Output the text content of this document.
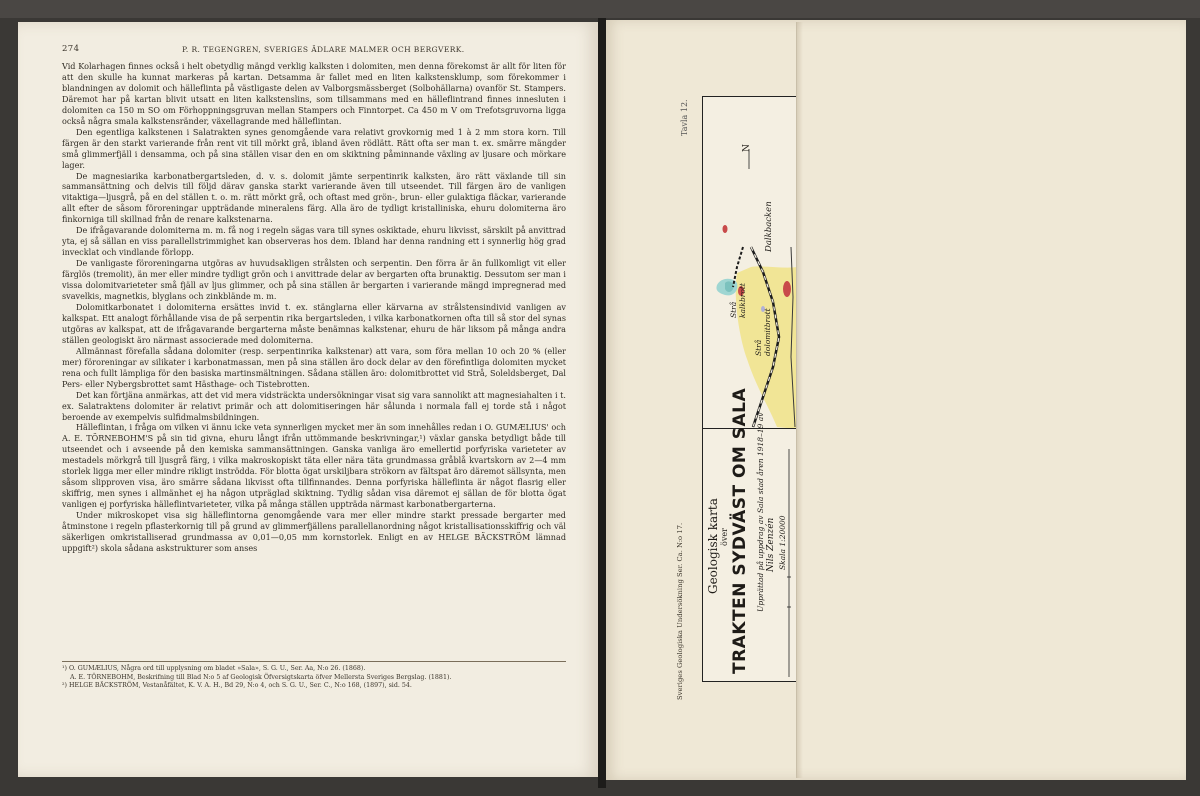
274	P. R. TEGENGREN, SVERIGES ÄDLARE MALMER OCH BERGVERK.

Vid Kolarhagen finnes också i helt obetydlig mängd verklig kalksten i dolomiten, men denna förekomst är allt för liten för att den skulle ha kunnat markeras på kartan. Detsamma är fallet med en liten kalkstensklump, som förekommer i blandningen av dolomit och hälleflinta på västligaste delen av Valborgsmässberget (Solbohällarna) ovanför St. Stampers. Däremot har på kartan blivit utsatt en liten kalkstenslins, som tillsammans med en hälleflintrand finnes innesluten i dolomiten ca 150 m SO om Förhoppningsgruvan mellan Stampers och Finntorpet. Ca 450 m V om Trefotsgruvorna ligga också några smala kalkstensränder, växellagrande med hälleflintan.

Den egentliga kalkstenen i Salatrakten synes genomgående vara relativt grovkornig med 1 à 2 mm stora korn. Till färgen är den starkt varierande från rent vit till mörkt grå, ibland även rödlätt. Rätt ofta ser man t. ex. smärre mängder små glimmerfjäll i densamma, och på sina ställen visar den en om skiktning påminnande växling av ljusare och mörkare lager.

De magnesiarika karbonatbergartsleden, d. v. s. dolomit jämte serpentinrik kalksten, äro rätt växlande till sin sammansättning och delvis till följd därav ganska starkt varierande även till utseendet. Till färgen äro de vanligen vitaktiga—ljusgrå, på en del ställen t. o. m. rätt mörkt grå, och oftast med grön-, brun- eller gulaktiga fläckar, varierande allt efter de såsom föroreningar uppträdande mineralens färg. Alla äro de tydligt kristalliniska, ehuru dolomiterna äro finkorniga till skillnad från de renare kalkstenarna.

De ifrågavarande dolomiterna m. m. få nog i regeln sägas vara till synes oskiktade, ehuru likvisst, särskilt på anvittrad yta, ej så sällan en viss parallellstrimmighet kan observeras hos dem. Ibland har denna randning ett i synnerlig hög grad invecklat och vindlande förlopp.

De vanligaste föroreningarna utgöras av huvudsakligen strålsten och serpentin. Den förra är än fullkomligt vit eller färglös (tremolit), än mer eller mindre tydligt grön och i anvittrade delar av bergarten ofta brunaktig. Dessutom ser man i vissa dolomitvarieteter små fjäll av ljus glimmer, och på sina ställen är bergarten i varierande mängd impregnerad med svavelkis, magnetkis, blyglans och zinkblände m. m.

Dolomitkarbonatet i dolomiterna ersättes invid t. ex. stänglarna eller kärvarna av strålstensindivid vanligen av kalkspat. Ett analogt förhållande visa de på serpentin rika bergartsleden, i vilka karbonatkornen ofta till så stor del synas utgöras av kalkspat, att de ifrågavarande bergarterna måste benämnas kalkstenar, ehuru de här liksom på många andra ställen geologiskt äro närmast associerade med dolomiterna.

Allmännast förefalla sådana dolomiter (resp. serpentinrika kalkstenar) att vara, som föra mellan 10 och 20 % (eller mer) föroreningar av silikater i karbonatmassan, men på sina ställen äro dock delar av den förefintliga dolomiten mycket rena och fullt lämpliga för den basiska martinsmältningen. Sådana ställen äro: dolomitbrottet vid Strå, Soleldsberget, Dal Pers- eller Nybergsbrottet samt Hästhage- och Tistebrotten.

Det kan förtjäna anmärkas, att det vid mera vidsträckta undersökningar visat sig vara sannolikt att magnesiahalten i t. ex. Salatraktens dolomiter är relativt primär och att dolomitiseringen här sålunda i normala fall ej torde stå i något beroende av exempelvis sulfidmalmsbildningen.

Hälleflintan, i fråga om vilken vi ännu icke veta synnerligen mycket mer än som innehålles redan i O. GUMÆLIUS' och A. E. TÖRNEBOHM'S på sin tid givna, ehuru långt ifrån uttömmande beskrivningar,¹) växlar ganska betydligt både till utseendet och i avseende på den kemiska sammansättningen. Ganska vanliga äro emellertid porfyriska varieteter av mestadels mörkgrå till ljusgrå färg, i vilka makroskopiskt täta eller nära täta grundmassa gråblå kvartskorn av 2—4 mm storlek ligga mer eller mindre rikligt inströdda. För blotta ögat urskiljbara strökorn av fältspat äro däremot sällsynta, men såsom slipproven visa, äro smärre sådana likvisst ofta tillfinnandes. Denna porfyriska hälleflinta är något flasrig eller skiffrig, men synes i allmänhet ej ha någon utpräglad skiktning. Tydlig sådan visa däremot ej sällan de för blotta ögat vanligen ej porfyriska hälleflintvarieteter, vilka på många ställen uppträda närmast karbonatbergarterna.

Under mikroskopet visa sig hälleflintorna genomgående vara mer eller mindre starkt pressade bergarter med åtminstone i regeln pflasterkornig till på grund av glimmerfjällens parallellanordning något kristallisationsskiffrig och väl säkerligen omkristalliserad grundmassa av 0,01—0,05 mm kornstorlek. Enligt en av HELGE BÄCKSTRÖM lämnad uppgift²) skola sådana askstrukturer som anses

¹) O. GUMÆLIUS, Några ord till upplysning om bladet »Sala», S. G. U., Ser. Aa, N:o 26. (1868).
A. E. TÖRNEBOHM, Beskrifning till Blad N:o 5 af Geologisk Öfversigtskarta öfver Mellersta Sveriges Bergslag. (1881).
²) HELGE BÄCKSTRÖM, Vestanåfältet, K. V. A. H., Bd 29, N:o 4, och S. G. U., Ser. C., N:o 168, (1897), sid. 54.
N
Tavla 12.
Dalkbacken
Strå kalkbrott
Strå dolomitbrott
Geologisk karta över TRAKTEN SYDVÄST OM SALA Upprättad på uppdrag av Sala stad åren 1918–19 av Nils Zenzén Skala 1:20000
Sveriges Geologiska Undersökning Ser. Ca. N:o 17.
